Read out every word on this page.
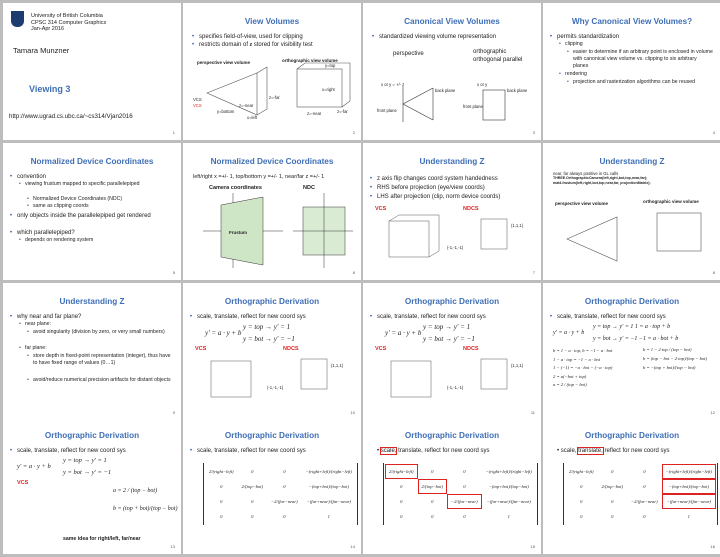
University of British Columbia
CPSC 314 Computer Graphics
Jan-Apr 2016
Tamara Munzner
Viewing 3
http://www.ugrad.cs.ubc.ca/~cs314/Vjan2016
1
View Volumes
• specifies field-of-view, used for clipping
• restricts domain of z stored for visibility test
perspective view volume	orthographic view volume
VCS
VCS
y=bottom
z=-near
x=left
z=-far
z=-near	z=-far
y=top
x=right
2
Canonical View Volumes
• standardized viewing volume representation
perspective	orthographic orthogonal parallel
front plane
back plane
x or y = +/- z	x or y
front plane
back plane
3
Why Canonical View Volumes?
• permits standardization
• clipping
• easier to determine if an arbitrary point is enclosed in volume with canonical view volume vs. clipping to six arbitrary planes
• rendering
• projection and rasterization algorithms can be reused
4
Normalized Device Coordinates
• convention
• viewing frustum mapped to specific parallelepiped
• Normalized Device Coordinates (NDC)
• same as clipping coords
• only objects inside the parallelepiped get rendered
• which parallelepiped?
• depends on rendering system
5
Normalized Device Coordinates
left/right x =+/- 1, top/bottom y =+/- 1, near/far z =+/- 1
Camera coordinates	NDC
Frustum
6
Understanding Z
• z axis flip changes coord system handedness
• RHS before projection (eye/view coords)
• LHS after projection (clip, norm device coords)
VCS	NDCS
(1,1,1)
(-1,-1,-1)
7
Understanding Z
near, far always positive in GL calls
THREE.OrthographicCamera(left,right,bot,top,near,far);
mat4.frustum(left,right,bot,top,near,far, projectionMatrix);
perspective view volume	orthographic view volume
8
Understanding Z
• why near and far plane?
• near plane:
• avoid singularity (division by zero, or very small numbers)
• far plane:
• store depth in fixed-point representation (integer), thus have to have fixed range of values (0…1)
• avoid/reduce numerical precision artifacts for distant objects
9
Orthographic Derivation
• scale, translate, reflect for new coord sys
y = top → y' = 1
y' = a · y + b
y = bot → y' = −1
VCS	NDCS
(1,1,1)
(-1,-1,-1)
10
Orthographic Derivation
• scale, translate, reflect for new coord sys
y = top → y' = 1
y' = a · y + b
y = bot → y' = −1
VCS	NDCS
(1,1,1)
(-1,-1,-1)
11
Orthographic Derivation
• scale, translate, reflect for new coord sys
y = top → y' = 1 1 = a · top + b
y' = a · y + b
y = bot → y' = −1 −1 = a · bot + b
b = 1 − a · top, b = −1 − a · bot
1 − a · top = −1 − a · bot
1 − (−1) = −a · bot − (−a · top)
2 = a(−bot + top)
a = 2 / (top − bot)
b = 1 − 2·top / (top − bot)
b = (top − bot − 2·top)/(top − bot)
b = −(top + bot)/(top − bot)
12
Orthographic Derivation
• scale, translate, reflect for new coord sys
y = top → y' = 1
y' = a · y + b
y = bot → y' = −1
VCS
a = 2 / (top − bot)
b = (top + bot)/(top − bot)
same idea for right/left, far/near
13
Orthographic Derivation
• scale, translate, reflect for new coord sys
2/(right−left)	0	0	−(right+left)/(right−left)
0	2/(top−bot)	0	−(top+bot)/(top−bot)
0	0	−2/(far−near)	−(far+near)/(far−near)
0	0	0	1
14
Orthographic Derivation
• scale, translate, reflect for new coord sys
2/(right−left)	0	0	−(right+left)/(right−left)
0	2/(top−bot)	0	−(top+bot)/(top−bot)
0	0	−2/(far−near)	−(far+near)/(far−near)
0	0	0	1
15
Orthographic Derivation
• scale, translate, reflect for new coord sys
2/(right−left)	0	0	−(right+left)/(right−left)
0	2/(top−bot)	0	−(top+bot)/(top−bot)
0	0	−2/(far−near)	−(far+near)/(far−near)
0	0	0	1
16
